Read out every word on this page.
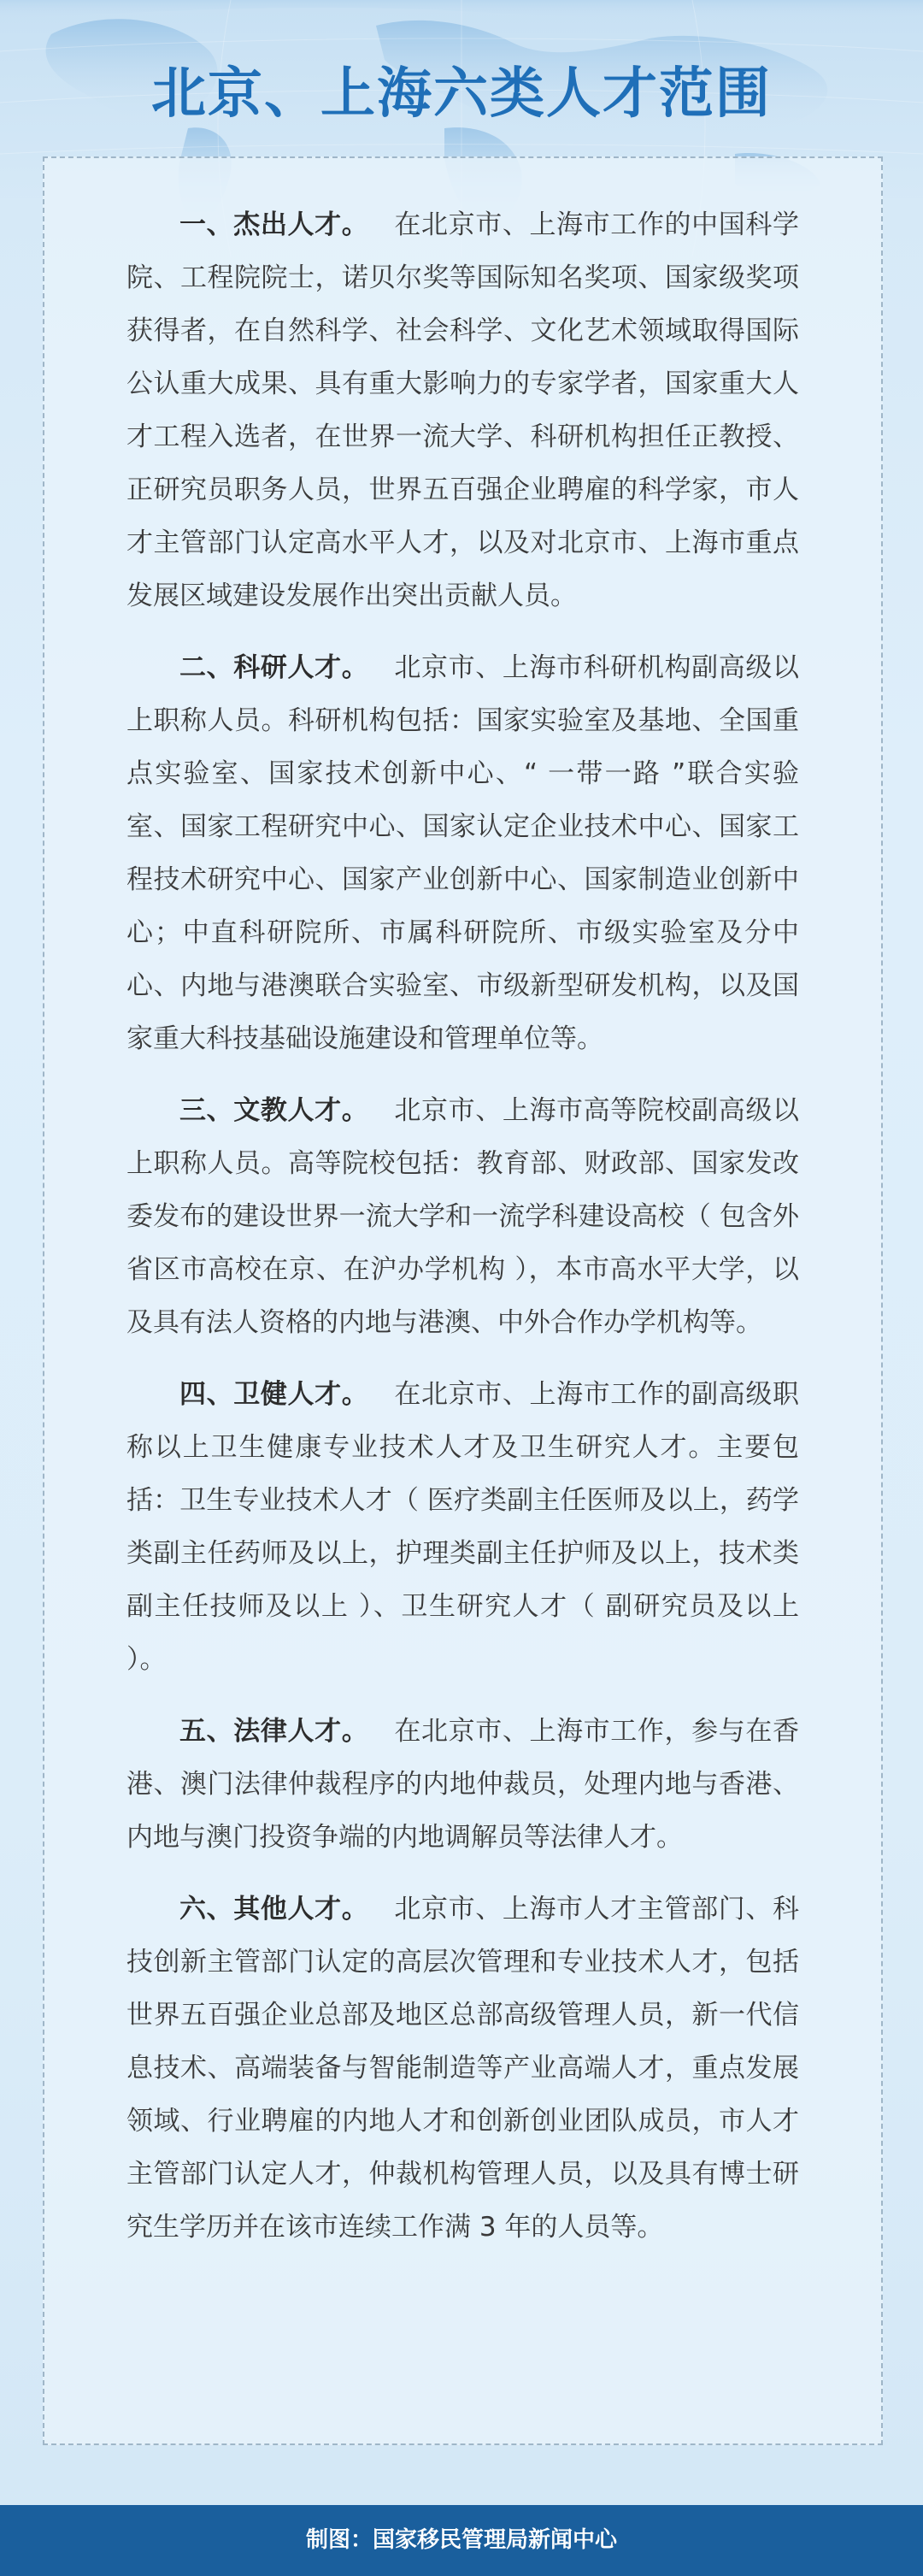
北京、上海六类人才范围

一、杰出人才。 在北京市、上海市工作的中国科学院、工程院院士，诺贝尔奖等国际知名奖项、国家级奖项获得者，在自然科学、社会科学、文化艺术领域取得国际公认重大成果、具有重大影响力的专家学者，国家重大人才工程入选者，在世界一流大学、科研机构担任正教授、正研究员职务人员，世界五百强企业聘雇的科学家，市人才主管部门认定高水平人才，以及对北京市、上海市重点发展区域建设发展作出突出贡献人员。

二、科研人才。 北京市、上海市科研机构副高级以上职称人员。科研机构包括：国家实验室及基地、全国重点实验室、国家技术创新中心、“ 一带一路 ”联合实验室、国家工程研究中心、国家认定企业技术中心、国家工程技术研究中心、国家产业创新中心、国家制造业创新中心；中直科研院所、市属科研院所、市级实验室及分中心、内地与港澳联合实验室、市级新型研发机构，以及国家重大科技基础设施建设和管理单位等。

三、文教人才。 北京市、上海市高等院校副高级以上职称人员。高等院校包括：教育部、财政部、国家发改委发布的建设世界一流大学和一流学科建设高校（ 包含外省区市高校在京、在沪办学机构 ），本市高水平大学，以及具有法人资格的内地与港澳、中外合作办学机构等。

四、卫健人才。 在北京市、上海市工作的副高级职称以上卫生健康专业技术人才及卫生研究人才。主要包括：卫生专业技术人才（ 医疗类副主任医师及以上，药学类副主任药师及以上，护理类副主任护师及以上，技术类副主任技师及以上 ）、卫生研究人才（ 副研究员及以上 ）。

五、法律人才。 在北京市、上海市工作，参与在香港、澳门法律仲裁程序的内地仲裁员，处理内地与香港、内地与澳门投资争端的内地调解员等法律人才。

六、其他人才。 北京市、上海市人才主管部门、科技创新主管部门认定的高层次管理和专业技术人才，包括世界五百强企业总部及地区总部高级管理人员，新一代信息技术、高端装备与智能制造等产业高端人才，重点发展领域、行业聘雇的内地人才和创新创业团队成员，市人才主管部门认定人才，仲裁机构管理人员，以及具有博士研究生学历并在该市连续工作满 3 年的人员等。

制图：国家移民管理局新闻中心
